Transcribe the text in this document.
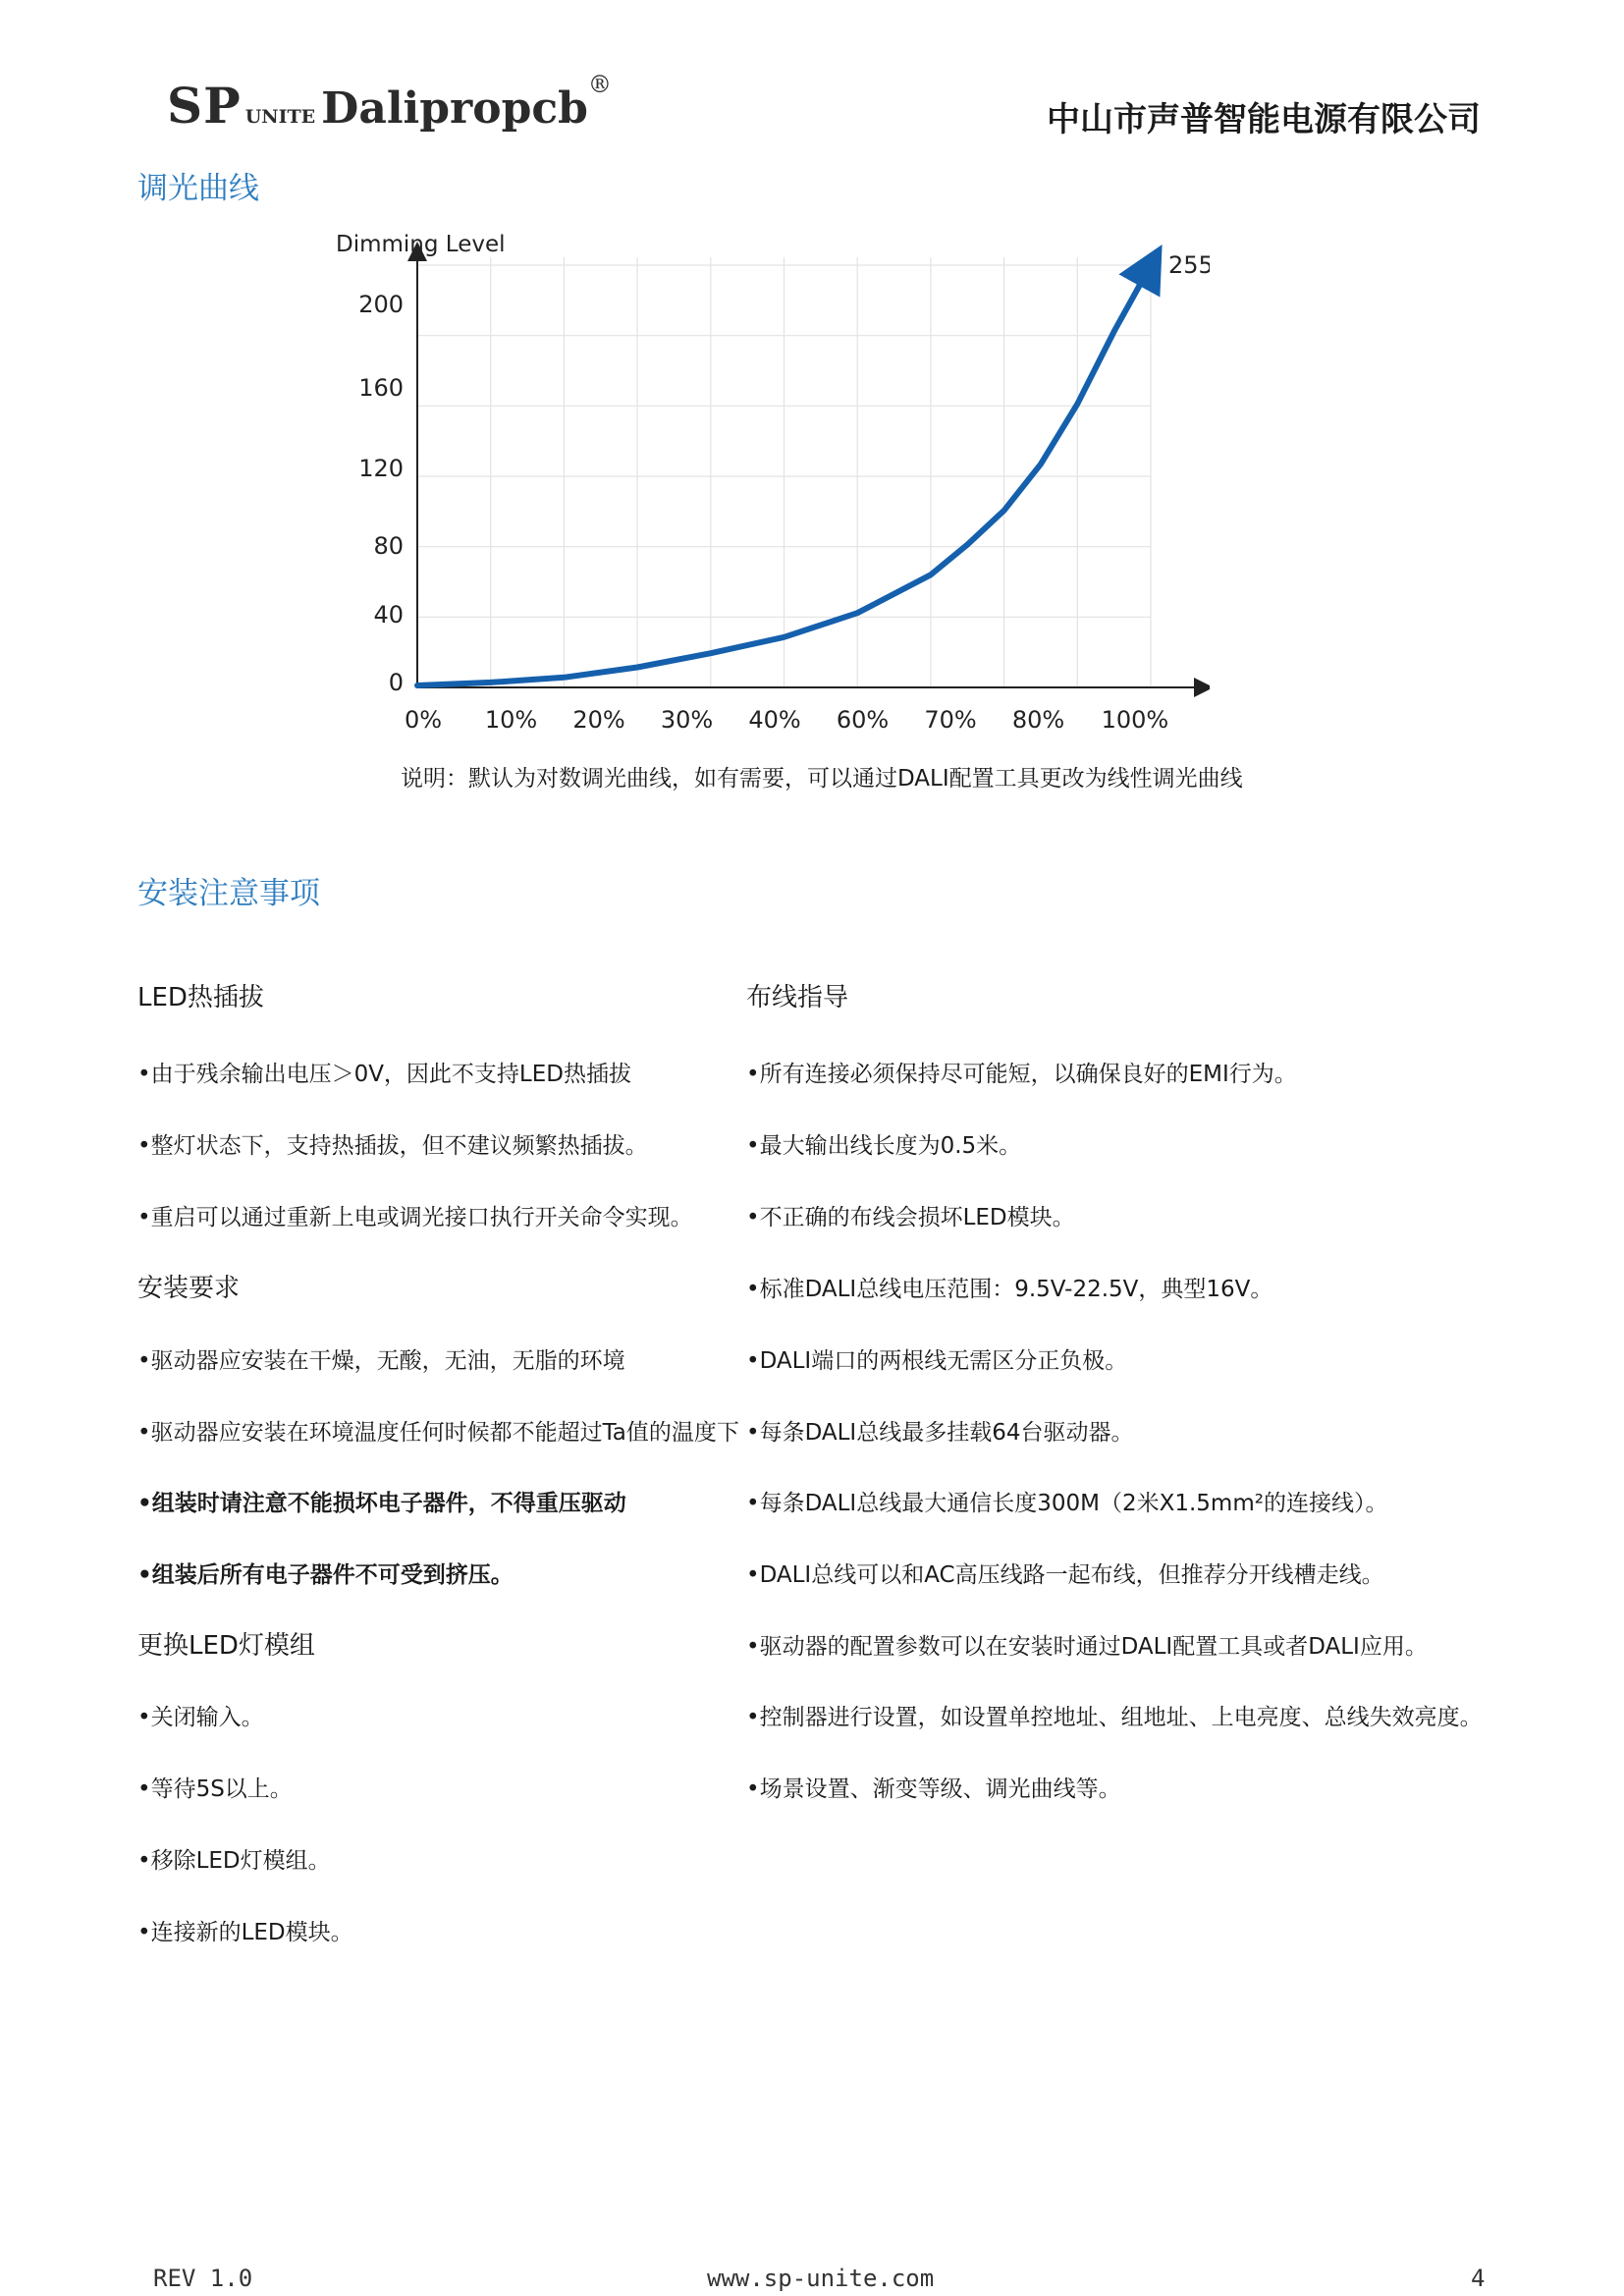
SP UNITE Dalipropcb®
中山市声普智能电源有限公司
调光曲线
Dimming Level
0
40
80
120
160
200
0% 10% 20% 30% 40% 60% 70% 80% 100%
255
说明：默认为对数调光曲线，如有需要，可以通过DALI配置工具更改为线性调光曲线
安装注意事项
LED热插拔
•由于残余输出电压＞0V，因此不支持LED热插拔
•整灯状态下，支持热插拔，但不建议频繁热插拔。
•重启可以通过重新上电或调光接口执行开关命令实现。
安装要求
•驱动器应安装在干燥，无酸，无油，无脂的环境
•驱动器应安装在环境温度任何时候都不能超过Ta值的温度下
•组装时请注意不能损坏电子器件，不得重压驱动
•组装后所有电子器件不可受到挤压。
更换LED灯模组
•关闭输入。
•等待5S以上。
•移除LED灯模组。
•连接新的LED模块。
布线指导
•所有连接必须保持尽可能短，以确保良好的EMI行为。
•最大输出线长度为0.5米。
•不正确的布线会损坏LED模块。
•标准DALI总线电压范围：9.5V-22.5V，典型16V。
•DALI端口的两根线无需区分正负极。
•每条DALI总线最多挂载64台驱动器。
•每条DALI总线最大通信长度300M（2米X1.5mm²的连接线）。
•DALI总线可以和AC高压线路一起布线，但推荐分开线槽走线。
•驱动器的配置参数可以在安装时通过DALI配置工具或者DALI应用。
•控制器进行设置，如设置单控地址、组地址、上电亮度、总线失效亮度。
•场景设置、渐变等级、调光曲线等。
REV 1.0	www.sp-unite.com	4
